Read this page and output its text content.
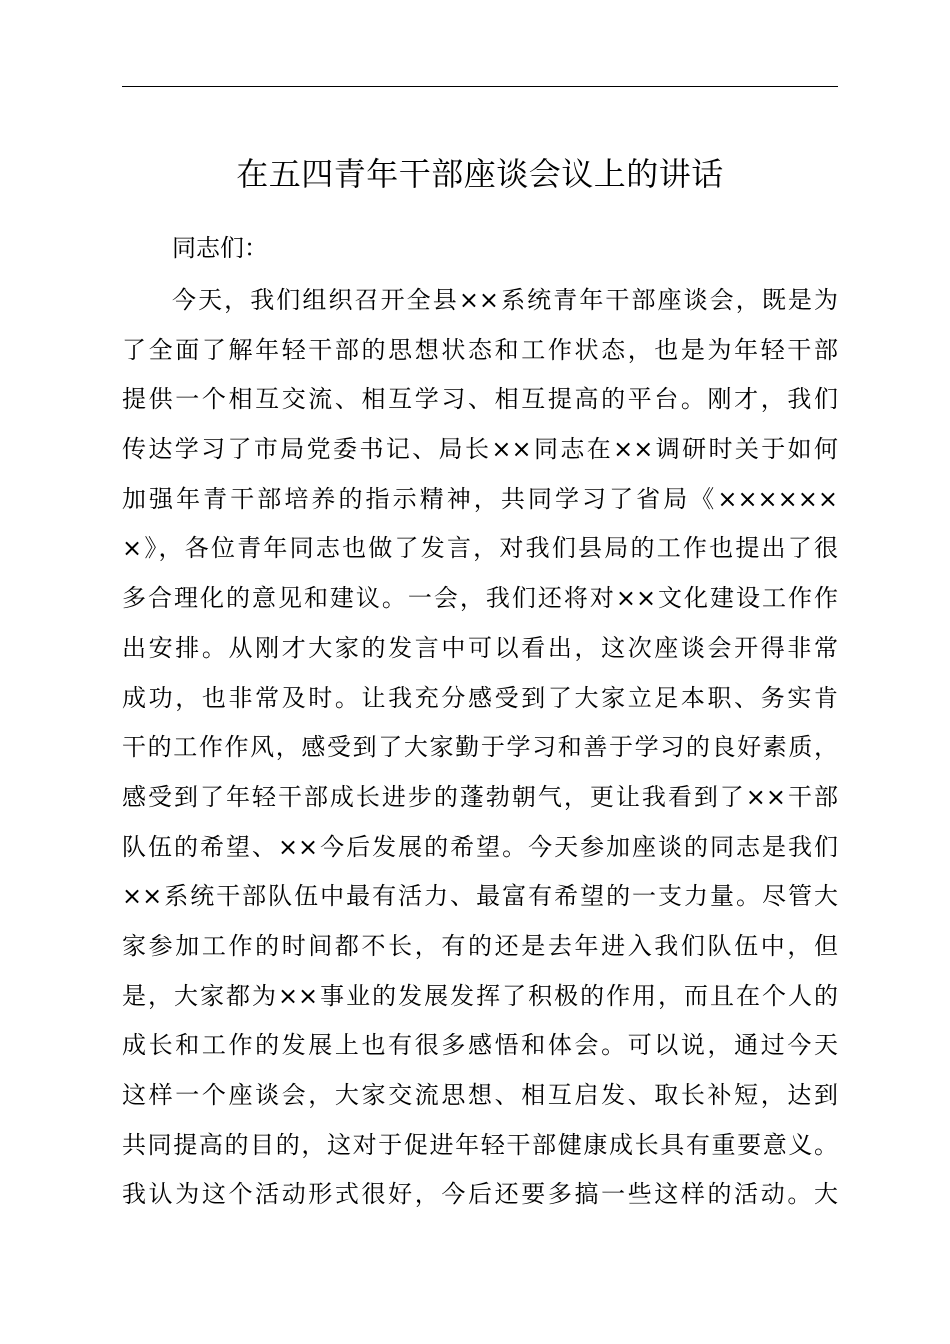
在五四青年干部座谈会议上的讲话
同志们：
今天，我们组织召开全县××系统青年干部座谈会，既是为
了全面了解年轻干部的思想状态和工作状态，也是为年轻干部
提供一个相互交流、相互学习、相互提高的平台。刚才，我们
传达学习了市局党委书记、局长××同志在××调研时关于如何
加强年青干部培养的指示精神，共同学习了省局《××××××
×》，各位青年同志也做了发言，对我们县局的工作也提出了很
多合理化的意见和建议。一会，我们还将对××文化建设工作作
出安排。从刚才大家的发言中可以看出，这次座谈会开得非常
成功，也非常及时。让我充分感受到了大家立足本职、务实肯
干的工作作风，感受到了大家勤于学习和善于学习的良好素质，
感受到了年轻干部成长进步的蓬勃朝气，更让我看到了××干部
队伍的希望、××今后发展的希望。今天参加座谈的同志是我们
××系统干部队伍中最有活力、最富有希望的一支力量。尽管大
家参加工作的时间都不长，有的还是去年进入我们队伍中，但
是，大家都为××事业的发展发挥了积极的作用，而且在个人的
成长和工作的发展上也有很多感悟和体会。可以说，通过今天
这样一个座谈会，大家交流思想、相互启发、取长补短，达到
共同提高的目的，这对于促进年轻干部健康成长具有重要意义。
我认为这个活动形式很好，今后还要多搞一些这样的活动。大
